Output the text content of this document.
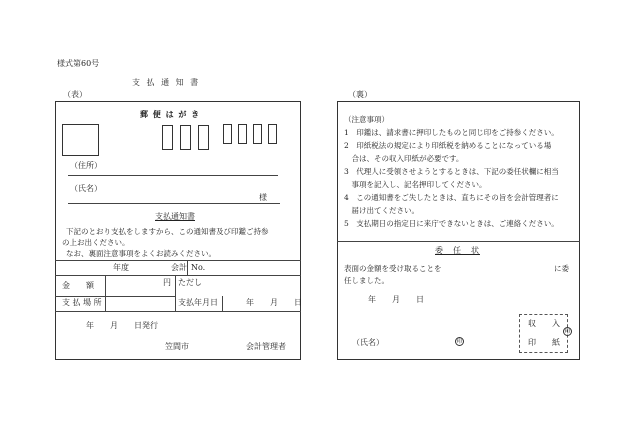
様式第60号
支 払 通 知 書
（表）
郵 便 は が き
（住所）
（氏名）
様
支払通知書
下記のとおり支払をしますから、この通知書及び印鑑ご持参
の上お出ください。
なお、裏面注意事項をよくお読みください。
年度	会計 No.
金　　額	円 ただし
支 払 場 所	支払年月日	年　　月　　日
年　　月　　日発行
笠間市	会計管理者
（裏）
（注意事項）
1　印鑑は、請求書に押印したものと同じ印をご持参ください。
2　印紙税法の規定により印紙税を納めることになっている場
　合は、その収入印紙が必要です。
3　代理人に受領させようとするときは、下記の委任状欄に相当
　事項を記入し、記名押印してください。
4　この通知書をご失したときは、直ちにその旨を会計管理者に
　届け出てください。
5　支払期日の指定日に来庁できないときは、ご連絡ください。
委　任　状
表面の金額を受け取ることを	に委
任しました。
年　　月　　日
（氏名）	印
収　　入
印　　紙
印
